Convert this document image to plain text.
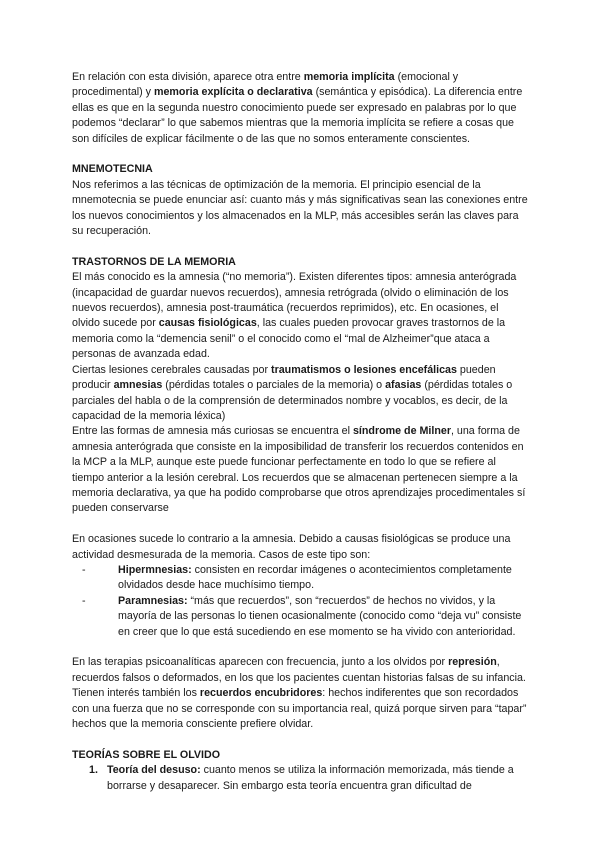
En relación con esta división, aparece otra entre memoria implícita (emocional y procedimental) y memoria explícita o declarativa (semántica y episódica). La diferencia entre ellas es que en la segunda nuestro conocimiento puede ser expresado en palabras por lo que podemos “declarar” lo que sabemos mientras que la memoria implícita se refiere a cosas que son difíciles de explicar fácilmente o de las que no somos enteramente conscientes.

MNEMOTECNIA

Nos referimos a las técnicas de optimización de la memoria. El principio esencial de la mnemotecnia se puede enunciar así: cuanto más y más significativas sean las conexiones entre los nuevos conocimientos y los almacenados en la MLP, más accesibles serán las claves para su recuperación.

TRASTORNOS DE LA MEMORIA

El más conocido es la amnesia (“no memoria”). Existen diferentes tipos: amnesia anterógrada (incapacidad de guardar nuevos recuerdos), amnesia retrógrada (olvido o eliminación de los nuevos recuerdos), amnesia post-traumática (recuerdos reprimidos), etc. En ocasiones, el olvido sucede por causas fisiológicas, las cuales pueden provocar graves trastornos de la memoria como la “demencia senil” o el conocido como el “mal de Alzheimer”que ataca a personas de avanzada edad.

Ciertas lesiones cerebrales causadas por traumatismos o lesiones encefálicas pueden producir amnesias (pérdidas totales o parciales de la memoria) o afasias (pérdidas totales o parciales del habla o de la comprensión de determinados nombre y vocablos, es decir, de la capacidad de la memoria léxica)

Entre las formas de amnesia más curiosas se encuentra el síndrome de Milner, una forma de amnesia anterógrada que consiste en la imposibilidad de transferir los recuerdos contenidos en la MCP a la MLP, aunque este puede funcionar perfectamente en todo lo que se refiere al tiempo anterior a la lesión cerebral. Los recuerdos que se almacenan pertenecen siempre a la memoria declarativa, ya que ha podido comprobarse que otros aprendizajes procedimentales sí pueden conservarse

En ocasiones sucede lo contrario a la amnesia. Debido a causas fisiológicas se produce una actividad desmesurada de la memoria. Casos de este tipo son:

- Hipermnesias: consisten en recordar imágenes o acontecimientos completamente olvidados desde hace muchísimo tiempo.
- Paramnesias: “más que recuerdos”, son “recuerdos” de hechos no vividos, y la mayoría de las personas lo tienen ocasionalmente (conocido como “deja vu” consiste en creer que lo que está sucediendo en ese momento se ha vivido con anterioridad.

En las terapias psicoanalíticas aparecen con frecuencia, junto a los olvidos por represión, recuerdos falsos o deformados, en los que los pacientes cuentan historias falsas de su infancia. Tienen interés también los recuerdos encubridores: hechos indiferentes que son recordados con una fuerza que no se corresponde con su importancia real, quizá porque sirven para “tapar” hechos que la memoria consciente prefiere olvidar.

TEORÍAS SOBRE EL OLVIDO

1. Teoría del desuso: cuanto menos se utiliza la información memorizada, más tiende a borrarse y desaparecer. Sin embargo esta teoría encuentra gran dificultad de
